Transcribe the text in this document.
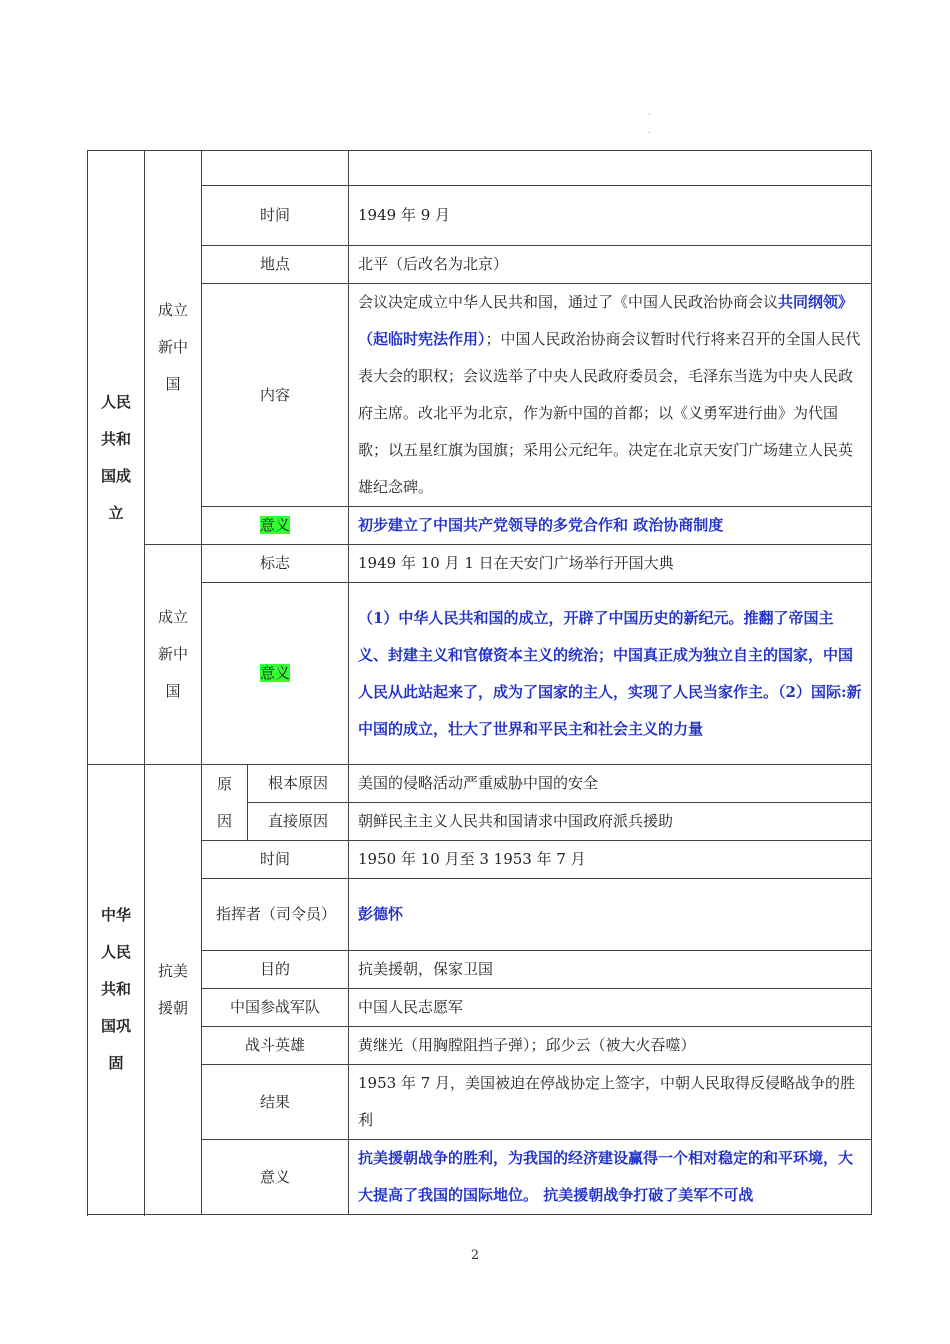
.
.
人民共和国成立	成立新中国			
		时间		1949 年 9 月
		地点		北平（后改名为北京）
		内容		会议决定成立中华人民共和国，通过了《中国人民政治协商会议共同纲领》（起临时宪法作用）；中国人民政治协商会议暂时代行将来召开的全国人民代表大会的职权；会议选举了中央人民政府委员会，毛泽东当选为中央人民政府主席。改北平为北京，作为新中国的首都；以《义勇军进行曲》为代国歌；以五星红旗为国旗；采用公元纪年。决定在北京天安门广场建立人民英雄纪念碑。
		意义		初步建立了中国共产党领导的多党合作和 政治协商制度
	成立新中国	标志		1949 年 10 月 1 日在天安门广场举行开国大典
		意义		（1）中华人民共和国的成立，开辟了中国历史的新纪元。推翻了帝国主义、封建主义和官僚资本主义的统治；中国真正成为独立自主的国家，中国人民从此站起来了，成为了国家的主人，实现了人民当家作主。（2）国际:新中国的成立，壮大了世界和平民主和社会主义的力量

中华人民共和国巩固	抗美援朝	原因	根本原因	美国的侵略活动严重威胁中国的安全
			直接原因	朝鲜民主主义人民共和国请求中国政府派兵援助
		时间		1950 年 10 月至 3 1953 年 7 月
		指挥者（司令员）		彭德怀
		目的		抗美援朝，保家卫国
		中国参战军队		中国人民志愿军
		战斗英雄		黄继光（用胸膛阻挡子弹）；邱少云（被大火吞噬）
		结果		1953 年 7 月，美国被迫在停战协定上签字，中朝人民取得反侵略战争的胜利
		意义		抗美援朝战争的胜利，为我国的经济建设赢得一个相对稳定的和平环境，大大提高了我国的国际地位。 抗美援朝战争打破了美军不可战

2
